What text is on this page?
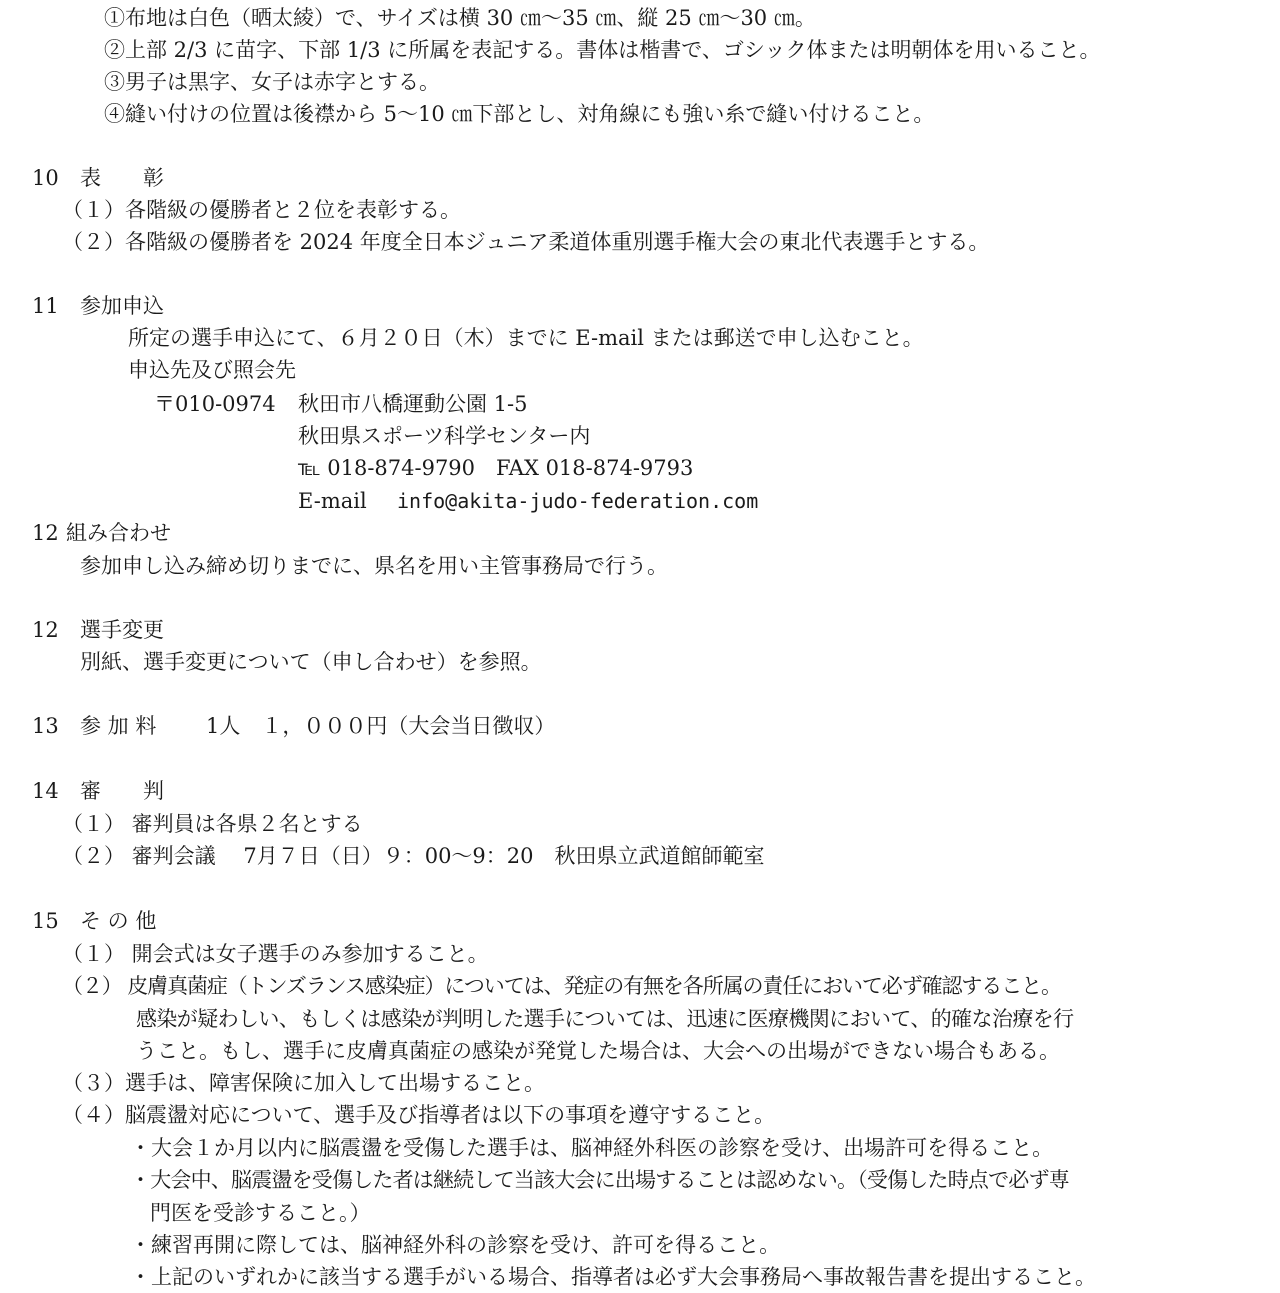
①布地は白色（晒太綾）で、サイズは横 30 ㎝〜35 ㎝、縦 25 ㎝〜30 ㎝。
②上部 2/3 に苗字、下部 1/3 に所属を表記する。書体は楷書で、ゴシック体または明朝体を用いること。
③男子は黒字、女子は赤字とする。
④縫い付けの位置は後襟から 5〜10 ㎝下部とし、対角線にも強い糸で縫い付けること。
10 表　　彰
（１）各階級の優勝者と２位を表彰する。
（２）各階級の優勝者を 2024 年度全日本ジュニア柔道体重別選手権大会の東北代表選手とする。
11 参加申込
所定の選手申込にて、６月２０日（木）までに E-mail または郵送で申し込むこと。
申込先及び照会先
〒010-0974 秋田市八橋運動公園 1-5
秋田県スポーツ科学センター内
℡ 018-874-9790　FAX 018-874-9793
E-mail info@akita-judo-federation.com
12 組み合わせ
参加申し込み締め切りまでに、県名を用い主管事務局で行う。
12 選手変更
別紙、選手変更について（申し合わせ）を参照。
13 参 加 料 1人　１，０００円（大会当日徴収）
14 審　　判
（１） 審判員は各県２名とする
（２） 審判会議　 7月７日（日）９：00〜9：20　秋田県立武道館師範室
15 そ の 他
（１） 開会式は女子選手のみ参加すること。
（２） 皮膚真菌症（トンズランス感染症）については、発症の有無を各所属の責任において必ず確認すること。
感染が疑わしい、もしくは感染が判明した選手については、迅速に医療機関において、的確な治療を行
うこと。もし、選手に皮膚真菌症の感染が発覚した場合は、大会への出場ができない場合もある。
（３）選手は、障害保険に加入して出場すること。
（４）脳震盪対応について、選手及び指導者は以下の事項を遵守すること。
・大会１か月以内に脳震盪を受傷した選手は、脳神経外科医の診察を受け、出場許可を得ること。
・大会中、脳震盪を受傷した者は継続して当該大会に出場することは認めない。（受傷した時点で必ず専
門医を受診すること。）
・練習再開に際しては、脳神経外科の診察を受け、許可を得ること。
・上記のいずれかに該当する選手がいる場合、指導者は必ず大会事務局へ事故報告書を提出すること。
